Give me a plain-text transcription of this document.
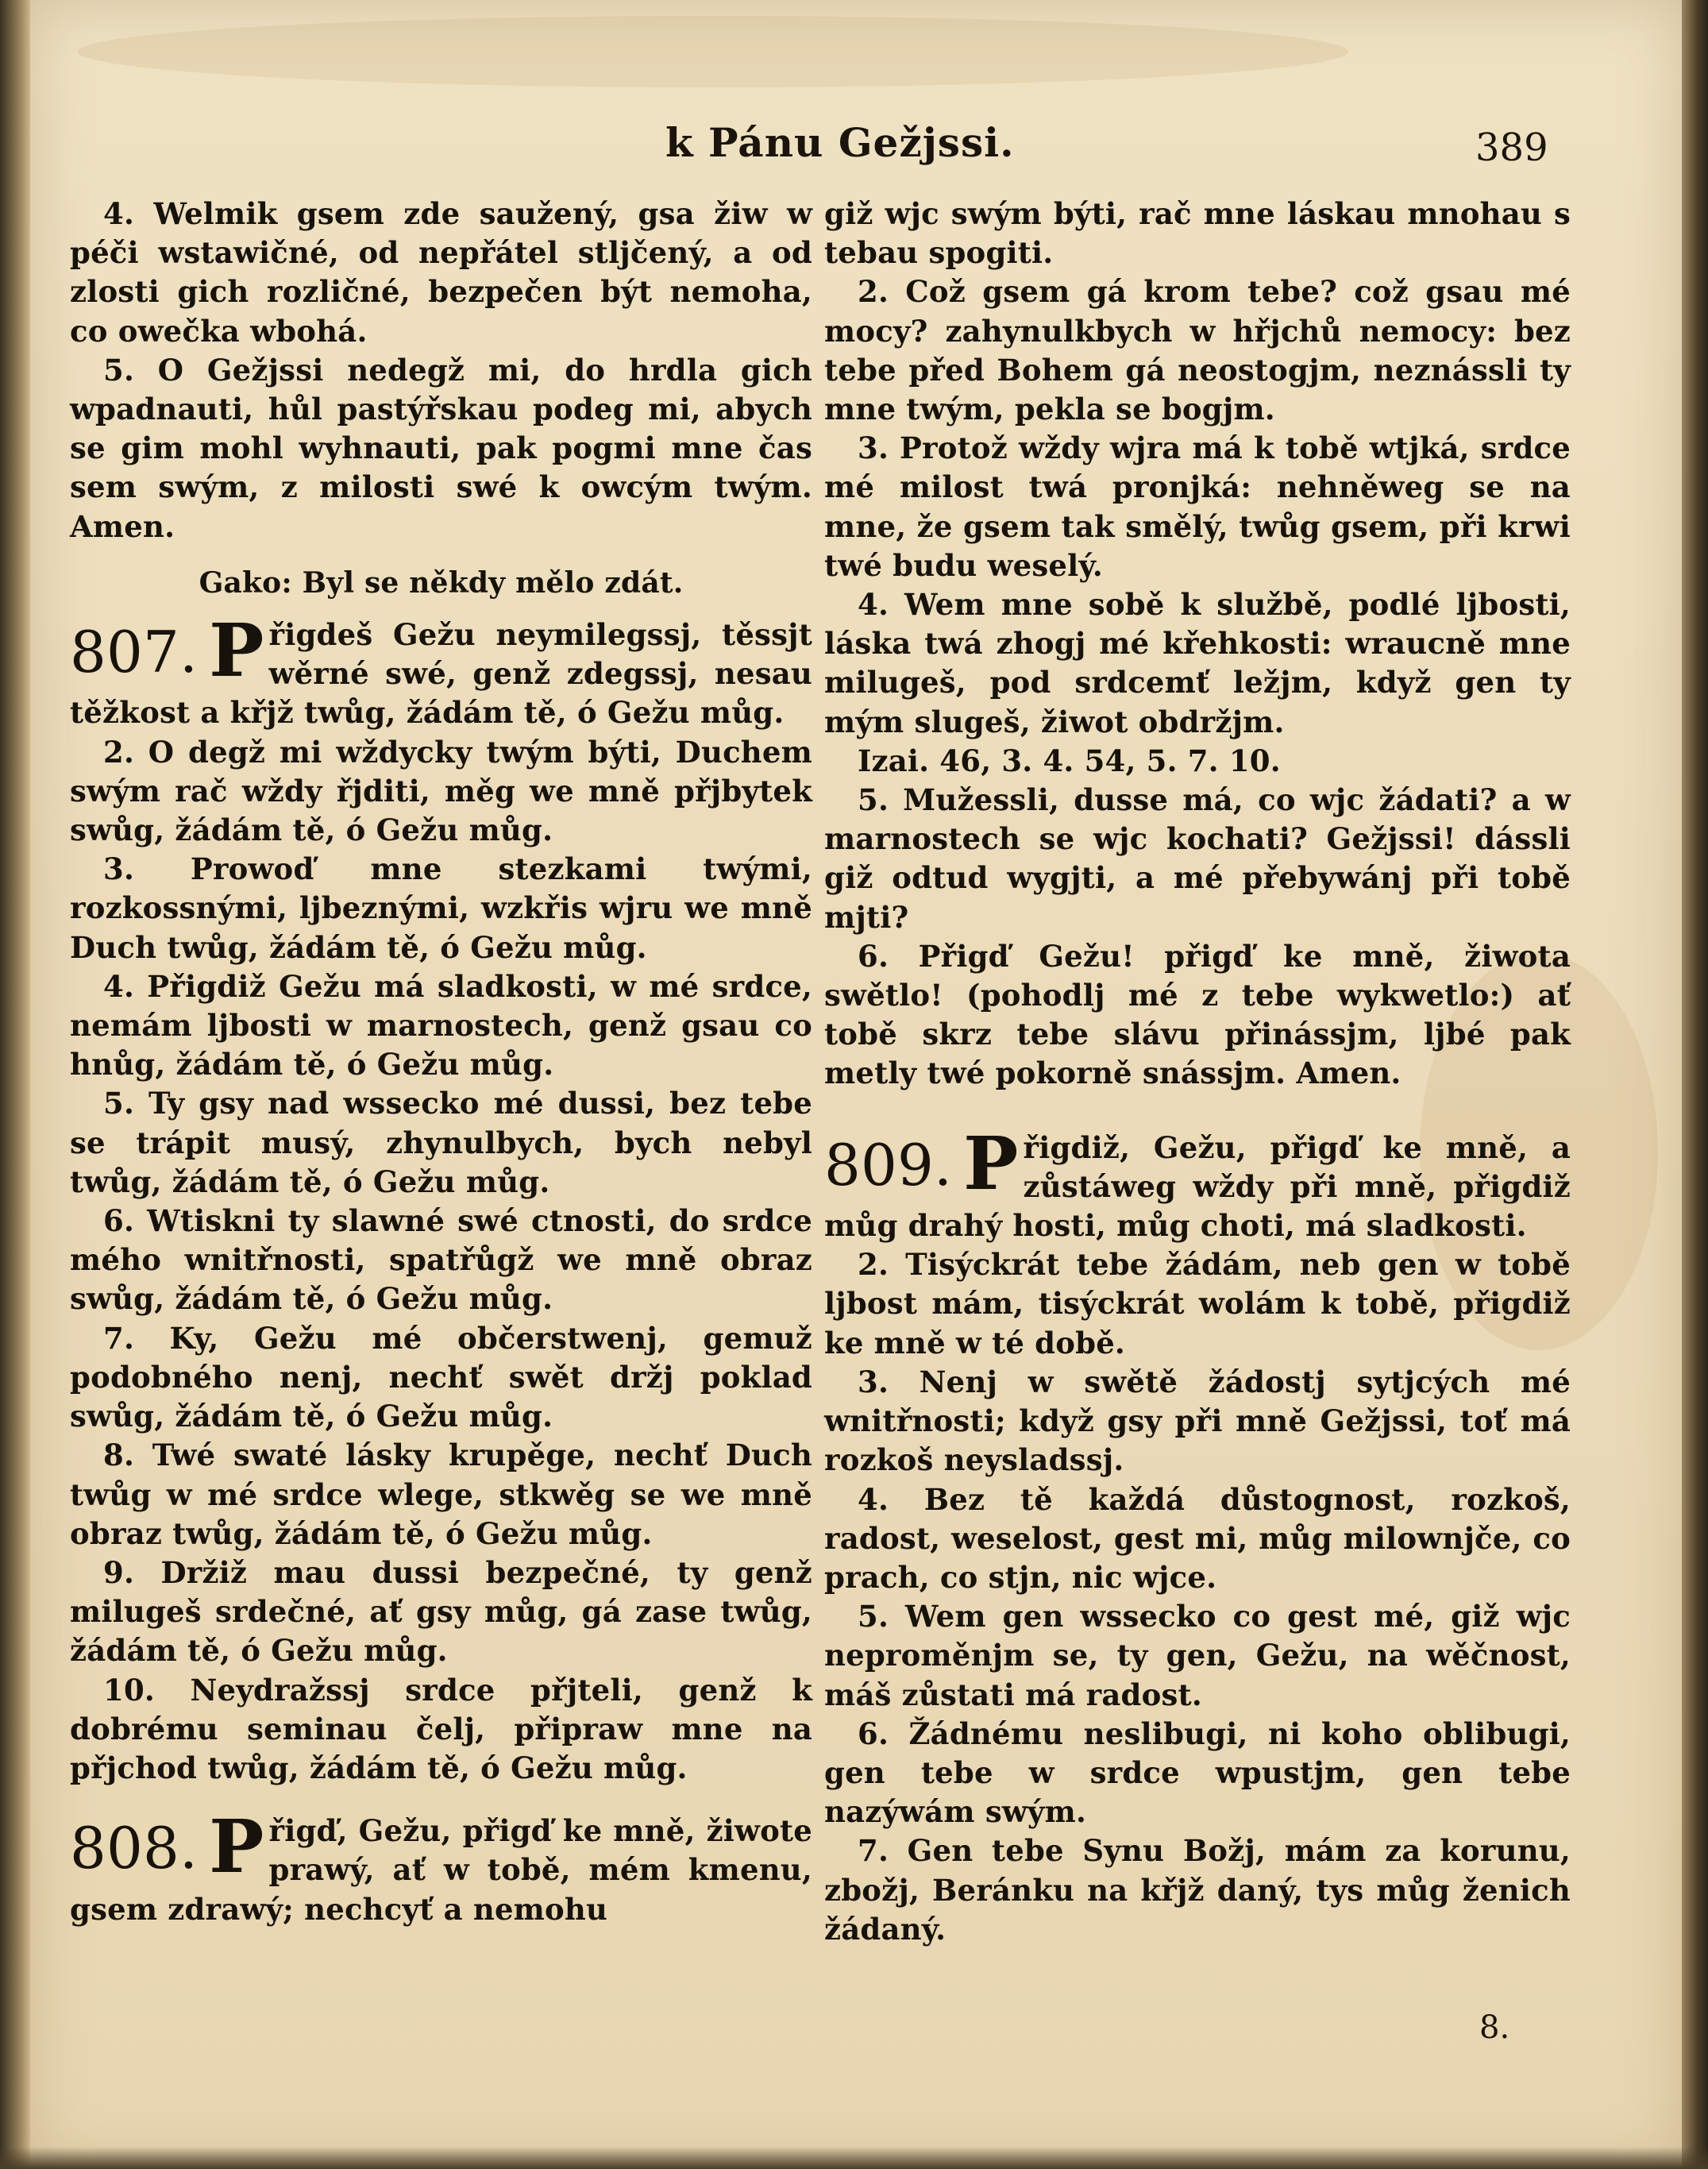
k Pánu Gežjssi.	389

4. Welmik gsem zde saužený, gsa žiw w péči wstawičné, od nepřátel stljčený, a od zlosti gich rozličné, bezpečen být nemoha, co owečka wbohá.

5. O Gežjssi nedegž mi, do hrdla gich wpadnauti, hůl pastýřskau podeg mi, abych se gim mohl wyhnauti, pak pogmi mne čas sem swým, z milosti swé k owcým twým. Amen.

Gako: Byl se někdy mělo zdát.

807. P řigdeš Gežu neymilegssj, těssjt wěrné swé, genž zdegssj, nesau těžkost a křjž twůg, žádám tě, ó Gežu můg.

2. O degž mi wždycky twým býti, Duchem swým rač wždy řjditi, měg we mně přjbytek swůg, žádám tě, ó Gežu můg.

3. Prowoď mne stezkami twými, rozkossnými, ljbeznými, wzkřis wjru we mně Duch twůg, žádám tě, ó Gežu můg.

4. Přigdiž Gežu má sladkosti, w mé srdce, nemám ljbosti w marnostech, genž gsau co hnůg, žádám tě, ó Gežu můg.

5. Ty gsy nad wssecko mé dussi, bez tebe se trápit musý, zhynulbych, bych nebyl twůg, žádám tě, ó Gežu můg.

6. Wtiskni ty slawné swé ctnosti, do srdce mého wnitřnosti, spatřůgž we mně obraz swůg, žádám tě, ó Gežu můg.

7. Ky, Gežu mé občerstwenj, gemuž podobného nenj, nechť swět držj poklad swůg, žádám tě, ó Gežu můg.

8. Twé swaté lásky krupěge, nechť Duch twůg w mé srdce wlege, stkwěg se we mně obraz twůg, žádám tě, ó Gežu můg.

9. Držiž mau dussi bezpečné, ty genž milugeš srdečné, ať gsy můg, gá zase twůg, žádám tě, ó Gežu můg.

10. Neydražssj srdce přjteli, genž k dobrému seminau čelj, připraw mne na přjchod twůg, žádám tě, ó Gežu můg.

808. P řigď, Gežu, přigď ke mně, žiwote prawý, ať w tobě, mém kmenu, gsem zdrawý; nechcyť a nemohu

giž wjc swým býti, rač mne láskau mnohau s tebau spogiti.

2. Což gsem gá krom tebe? což gsau mé mocy? zahynulkbych w hřjchů nemocy: bez tebe před Bohem gá neostogjm, neznássli ty mne twým, pekla se bogjm.

3. Protož wždy wjra má k tobě wtjká, srdce mé milost twá pronjká: nehněweg se na mne, že gsem tak smělý, twůg gsem, při krwi twé budu weselý.

4. Wem mne sobě k službě, podlé ljbosti, láska twá zhogj mé křehkosti: wraucně mne milugeš, pod srdcemť ležjm, když gen ty mým slugeš, žiwot obdržjm.

Izai. 46, 3. 4. 54, 5. 7. 10.

5. Mužessli, dusse má, co wjc žádati? a w marnostech se wjc kochati? Gežjssi! dássli giž odtud wygjti, a mé přebywánj při tobě mjti?

6. Přigď Gežu! přigď ke mně, žiwota swětlo! (pohodlj mé z tebe wykwetlo:) ať tobě skrz tebe slávu přinássjm, ljbé pak metly twé pokorně snássjm. Amen.

809. P řigdiž, Gežu, přigď ke mně, a zůstáweg wždy při mně, přigdiž můg drahý hosti, můg choti, má sladkosti.

2. Tisýckrát tebe žádám, neb gen w tobě ljbost mám, tisýckrát wolám k tobě, přigdiž ke mně w té době.

3. Nenj w swětě žádostj sytjcých mé wnitřnosti; když gsy při mně Gežjssi, toť má rozkoš neysladssj.

4. Bez tě každá důstognost, rozkoš, radost, weselost, gest mi, můg milownjče, co prach, co stjn, nic wjce.

5. Wem gen wssecko co gest mé, giž wjc neproměnjm se, ty gen, Gežu, na wěčnost, máš zůstati má radost.

6. Žádnému neslibugi, ni koho oblibugi, gen tebe w srdce wpustjm, gen tebe nazýwám swým.

7. Gen tebe Synu Božj, mám za korunu, zbožj, Beránku na křjž daný, tys můg ženich žádaný.

8.
